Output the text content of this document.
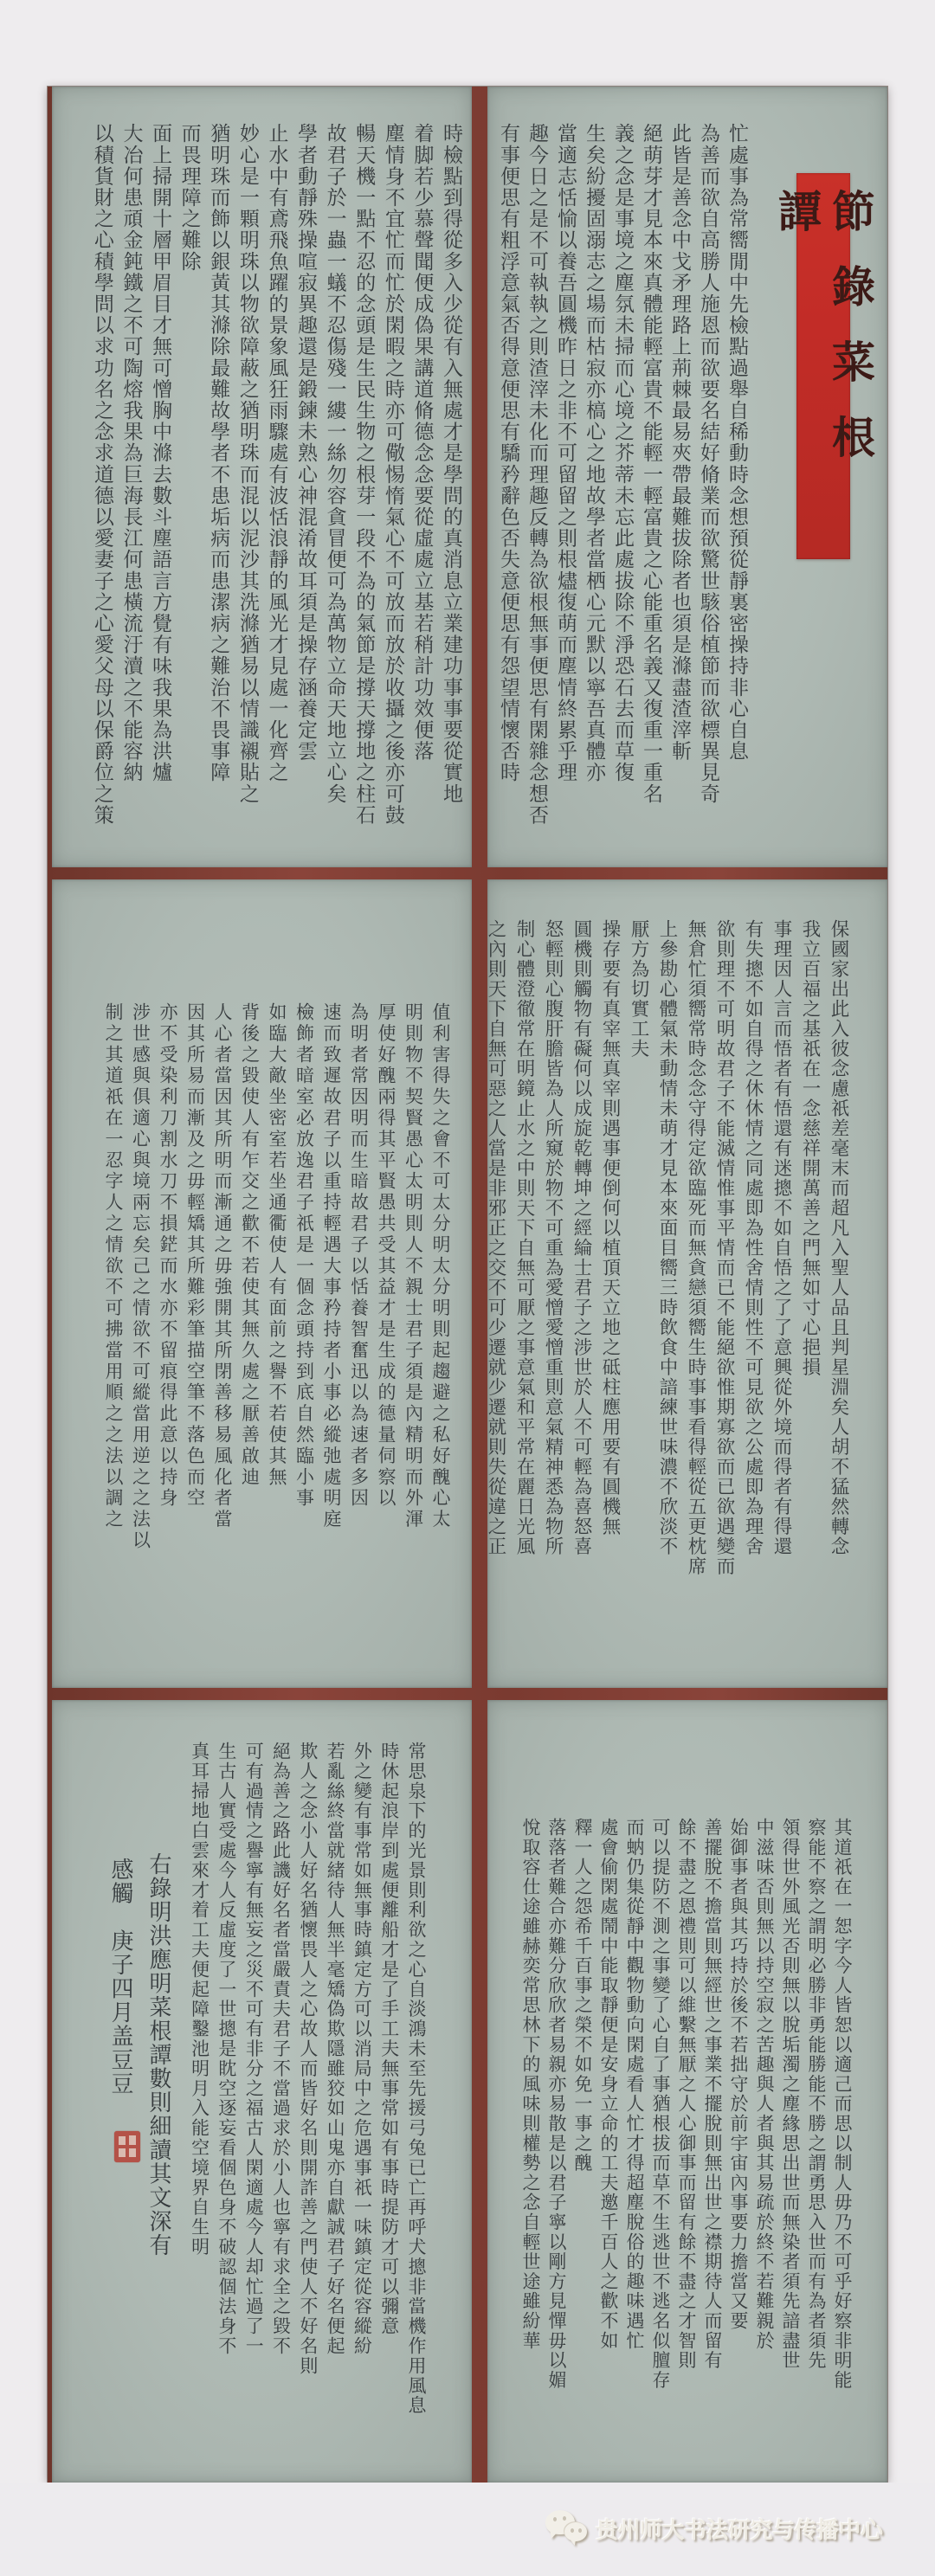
節錄菜根譚
忙處事為常嚮閒中先檢點過舉自稀動時念想預從靜裏密操持非心自息
為善而欲自高勝人施恩而欲要名結好脩業而欲驚世駭俗植節而欲標異見奇
此皆是善念中戈矛理路上荊棘最易夾帶最難拔除者也須是滌盡渣滓斬
絕萌芽才見本來真體能輕富貴不能輕一輕富貴之心能重名義又復重一重名
義之念是事境之塵氛未掃而心境之芥蒂未忘此處拔除不淨恐石去而草復
生矣紛擾固溺志之場而枯寂亦槁心之地故學者當栖心元默以寧吾真體亦
當適志恬愉以養吾圓機昨日之非不可留留之則根燼復萌而塵情終累乎理
趣今日之是不可執執之則渣滓未化而理趣反轉為欲根無事便思有閑雜念想否
有事便思有粗浮意氣否得意便思有驕矜辭色否失意便思有怨望情懷否時
時檢點到得從多入少從有入無處才是學問的真消息立業建功事事要從實地
着脚若少慕聲聞便成偽果講道脩德念念要從虛處立基若稍計功效便落
塵情身不宜忙而忙於閑暇之時亦可儆惕惰氣心不可放而放於收攝之後亦可鼓
暢天機一點不忍的念頭是生民生物之根芽一段不為的氣節是撐天撐地之柱石
故君子於一蟲一蟻不忍傷殘一縷一絲勿容貪冒便可為萬物立命天地立心矣
學者動靜殊操喧寂異趣還是鍛鍊未熟心神混淆故耳須是操存涵養定雲
止水中有鳶飛魚躍的景象風狂雨驟處有波恬浪靜的風光才見處一化齊之
妙心是一顆明珠以物欲障蔽之猶明珠而混以泥沙其洗滌猶易以情識襯貼之
猶明珠而飾以銀黃其滌除最難故學者不患垢病而患潔病之難治不畏事障
而畏理障之難除
面上掃開十層甲眉目才無可憎胸中滌去數斗塵語言方覺有味我果為洪爐
大冶何患頑金鈍鐵之不可陶熔我果為巨海長江何患橫流汙瀆之不能容納
以積貨財之心積學問以求功名之念求道德以愛妻子之心愛父母以保爵位之策
保國家出此入彼念慮祇差毫末而超凡入聖人品且判星淵矣人胡不猛然轉念
我立百福之基祇在一念慈祥開萬善之門無如寸心挹損
事理因人言而悟者有悟還有迷摠不如自悟之了了意興從外境而得者有得還
有失摠不如自得之休休情之同處即為性舍情則性不可見欲之公處即為理舍
欲則理不可明故君子不能滅情惟事平情而已不能絕欲惟期寡欲而已欲遇變而
無倉忙須嚮常時念念守得定欲臨死而無貪戀須嚮生時事事看得輕從五更枕席
上參勘心體氣未動情未萌才見本來面目嚮三時飲食中諳練世味濃不欣淡不
厭方為切實工夫
操存要有真宰無真宰則遇事便倒何以植頂天立地之砥柱應用要有圓機無
圓機則觸物有礙何以成旋乾轉坤之經綸士君子之涉世於人不可輕為喜怒喜
怒輕則心腹肝膽皆為人所窺於物不可重為愛憎愛憎重則意氣精神悉為物所
制心體澄徹常在明鏡止水之中則天下自無可厭之事意氣和平常在麗日光風
之內則天下自無可惡之人當是非邪正之交不可少遷就少遷就則失從違之正
值利害得失之會不可太分明太分明則起趨避之私好醜心太
明則物不契賢愚心太明則人不親士君子須是內精明而外渾
厚使好醜兩得其平賢愚共受其益才是生成的德量伺察以
為明者常因明而生暗故君子以恬養智奮迅以為速者多因
速而致遲故君子以重持輕遇大事矜持者小事必縱弛處明庭
檢飾者暗室必放逸君子祇是一個念頭持到底自然臨小事
如臨大敵坐密室若坐通衢使人有面前之譽不若使其無
背後之毀使人有乍交之歡不若使其無久處之厭善啟迪
人心者當因其所明而漸通之毋強開其所閉善移易風化者當
因其所易而漸及之毋輕矯其所難彩筆描空筆不落色而空
亦不受染利刀割水刀不損鋩而水亦不留痕得此意以持身
涉世感與俱適心與境兩忘矣己之情欲不可縱當用逆之之法以
制之其道祇在一忍字人之情欲不可拂當用順之之法以調之
其道祇在一恕字今人皆恕以適己而思以制人毋乃不可乎好察非明能
察能不察之謂明必勝非勇能勝能不勝之謂勇思入世而有為者須先
領得世外風光否則無以脫垢濁之塵緣思出世而無染者須先諳盡世
中滋味否則無以持空寂之苦趣與人者與其易疏於終不若難親於
始御事者與其巧持於後不若拙守於前宇宙內事要力擔當又要
善擺脫不擔當則無經世之事業不擺脫則無出世之襟期待人而留有
餘不盡之恩禮則可以維繫無厭之人心御事而留有餘不盡之才智則
可以提防不測之事變了心自了事猶根拔而草不生逃世不逃名似膻存
而蚋仍集從靜中觀物動向閑處看人忙才得超塵脫俗的趣味遇忙
處會偷閑處鬧中能取靜便是安身立命的工夫邀千百人之歡不如
釋一人之怨希千百事之榮不如免一事之醜
落落者難合亦難分欣欣者易親亦易散是以君子寧以剛方見憚毋以媚
悅取容仕途雖赫奕常思林下的風味則權勢之念自輕世途雖紛華
常思泉下的光景則利欲之心自淡鴻未至先援弓兔已亡再呼犬摠非當機作用風息
時休起浪岸到處便離船才是了手工夫無事常如有事時提防才可以彌意
外之變有事常如無事時鎮定方可以消局中之危遇事祇一味鎮定從容縱紛
若亂絲終當就緒待人無半毫矯偽欺隱雖狡如山鬼亦自獻誠君子好名便起
欺人之念小人好名猶懷畏人之心故人而皆好名則開詐善之門使人不好名則
絕為善之路此譏好名者當嚴責夫君子不當過求於小人也寧有求全之毀不
可有過情之譽寧有無妄之災不可有非分之福古人閑適處今人却忙過了一
生古人實受處今人反虛度了一世摠是眈空逐妄看個色身不破認個法身不
真耳掃地白雲來才着工夫便起障鑿池明月入能空境界自生明
右錄明洪應明菜根譚數則細讀其文深有
感觸　庚子四月盖豆豆
贵州师大书法研究与传播中心
